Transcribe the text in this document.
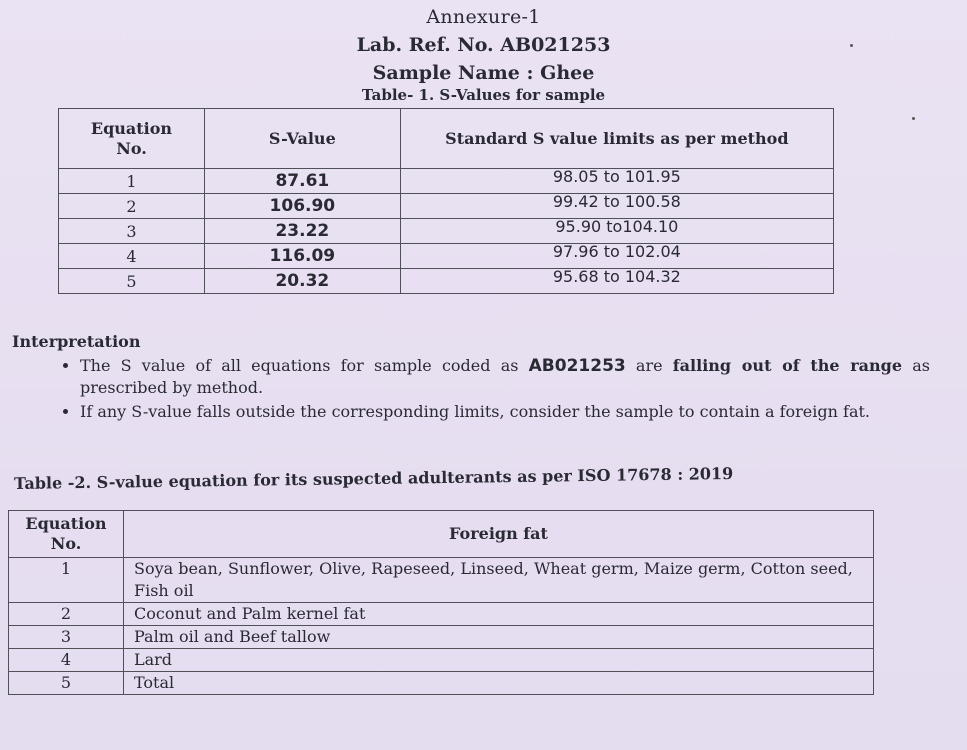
Annexure-1
Lab. Ref. No. AB021253
Sample Name : Ghee
Table- 1. S-Values for sample
Equation No.	S-Value	Standard S value limits as per method
1	87.61	98.05 to 101.95
2	106.90	99.42 to 100.58
3	23.22	95.90 to104.10
4	116.09	97.96 to 102.04
5	20.32	95.68 to 104.32
Interpretation
• The S value of all equations for sample coded as AB021253 are falling out of the range as prescribed by method.
• If any S-value falls outside the corresponding limits, consider the sample to contain a foreign fat.
Table -2. S-value equation for its suspected adulterants as per ISO 17678 : 2019
Equation No.	Foreign fat
1	Soya bean, Sunflower, Olive, Rapeseed, Linseed, Wheat germ, Maize germ, Cotton seed, Fish oil
2	Coconut and Palm kernel fat
3	Palm oil and Beef tallow
4	Lard
5	Total
